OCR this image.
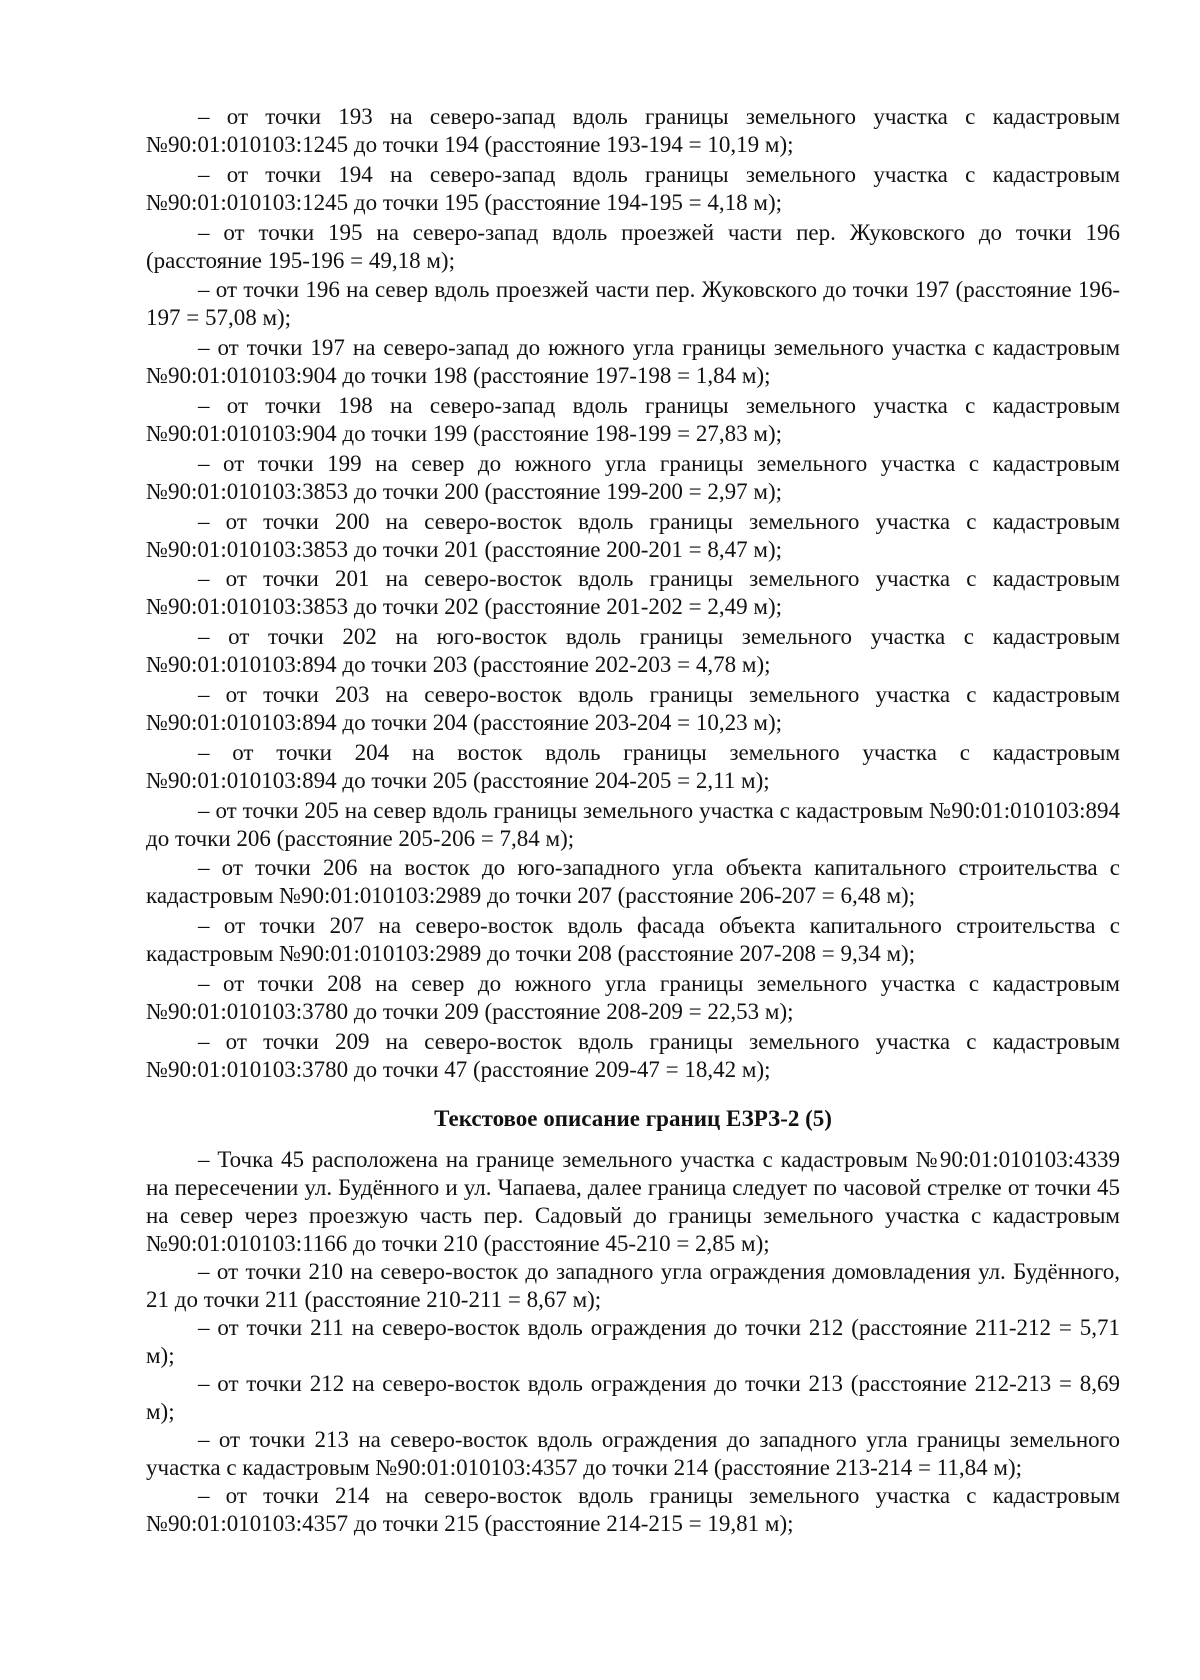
– от точки 193 на северо-запад вдоль границы земельного участка с кадастровым №90:01:010103:1245 до точки 194 (расстояние 193-194 = 10,19 м);

– от точки 194 на северо-запад вдоль границы земельного участка с кадастровым №90:01:010103:1245 до точки 195 (расстояние 194-195 = 4,18 м);

– от точки 195 на северо-запад вдоль проезжей части пер. Жуковского до точки 196 (расстояние 195-196 = 49,18 м);

– от точки 196 на север вдоль проезжей части пер. Жуковского до точки 197 (расстояние 196-197 = 57,08 м);

– от точки 197 на северо-запад до южного угла границы земельного участка с кадастровым №90:01:010103:904 до точки 198 (расстояние 197-198 = 1,84 м);

– от точки 198 на северо-запад вдоль границы земельного участка с кадастровым №90:01:010103:904 до точки 199 (расстояние 198-199 = 27,83 м);

– от точки 199 на север до южного угла границы земельного участка с кадастровым №90:01:010103:3853 до точки 200 (расстояние 199-200 = 2,97 м);

– от точки 200 на северо-восток вдоль границы земельного участка с кадастровым №90:01:010103:3853 до точки 201 (расстояние 200-201 = 8,47 м);

– от точки 201 на северо-восток вдоль границы земельного участка с кадастровым №90:01:010103:3853 до точки 202 (расстояние 201-202 = 2,49 м);

– от точки 202 на юго-восток вдоль границы земельного участка с кадастровым №90:01:010103:894 до точки 203 (расстояние 202-203 = 4,78 м);

– от точки 203 на северо-восток вдоль границы земельного участка с кадастровым №90:01:010103:894 до точки 204 (расстояние 203-204 = 10,23 м);

– от точки 204 на восток вдоль границы земельного участка с кадастровым №90:01:010103:894 до точки 205 (расстояние 204-205 = 2,11 м);

– от точки 205 на север вдоль границы земельного участка с кадастровым №90:01:010103:894 до точки 206 (расстояние 205-206 = 7,84 м);

– от точки 206 на восток до юго-западного угла объекта капитального строительства с кадастровым №90:01:010103:2989 до точки 207 (расстояние 206-207 = 6,48 м);

– от точки 207 на северо-восток вдоль фасада объекта капитального строительства с кадастровым №90:01:010103:2989 до точки 208 (расстояние 207-208 = 9,34 м);

– от точки 208 на север до южного угла границы земельного участка с кадастровым №90:01:010103:3780 до точки 209 (расстояние 208-209 = 22,53 м);

– от точки 209 на северо-восток вдоль границы земельного участка с кадастровым №90:01:010103:3780 до точки 47 (расстояние 209-47 = 18,42 м);

Текстовое описание границ ЕЗРЗ-2 (5)

– Точка 45 расположена на границе земельного участка с кадастровым №90:01:010103:4339 на пересечении ул. Будённого и ул. Чапаева, далее граница следует по часовой стрелке от точки 45 на север через проезжую часть пер. Садовый до границы земельного участка с кадастровым №90:01:010103:1166 до точки 210 (расстояние 45-210 = 2,85 м);

– от точки 210 на северо-восток до западного угла ограждения домовладения ул. Будённого, 21 до точки 211 (расстояние 210-211 = 8,67 м);

– от точки 211 на северо-восток вдоль ограждения до точки 212 (расстояние 211-212 = 5,71 м);

– от точки 212 на северо-восток вдоль ограждения до точки 213 (расстояние 212-213 = 8,69 м);

– от точки 213 на северо-восток вдоль ограждения до западного угла границы земельного участка с кадастровым №90:01:010103:4357 до точки 214 (расстояние 213-214 = 11,84 м);

– от точки 214 на северо-восток вдоль границы земельного участка с кадастровым №90:01:010103:4357 до точки 215 (расстояние 214-215 = 19,81 м);
